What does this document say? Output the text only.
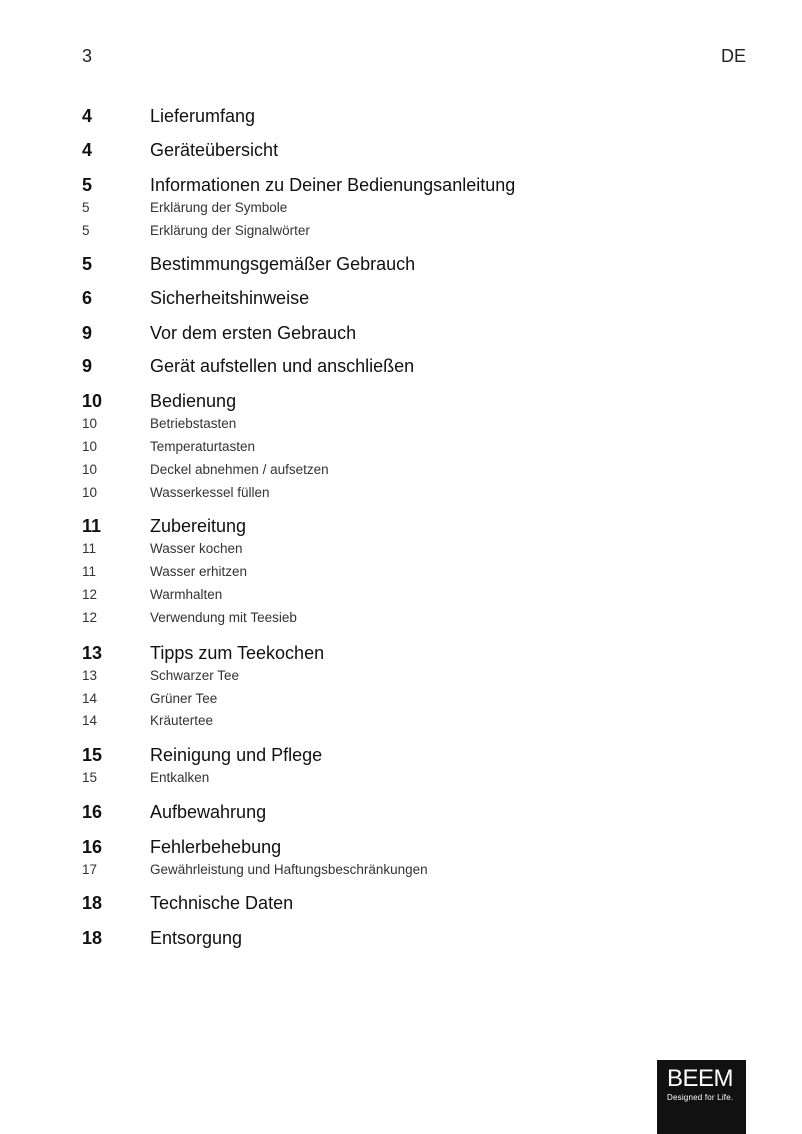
3	DE
4	Lieferumfang
4	Geräteübersicht
5	Informationen zu Deiner Bedienungsanleitung
5	Erklärung der Symbole
5	Erklärung der Signalwörter
5	Bestimmungsgemäßer Gebrauch
6	Sicherheitshinweise
9	Vor dem ersten Gebrauch
9	Gerät aufstellen und anschließen
10	Bedienung
10	Betriebstasten
10	Temperaturtasten
10	Deckel abnehmen / aufsetzen
10	Wasserkessel füllen
11	Zubereitung
11	Wasser kochen
11	Wasser erhitzen
12	Warmhalten
12	Verwendung mit Teesieb
13	Tipps zum Teekochen
13	Schwarzer Tee
14	Grüner Tee
14	Kräutertee
15	Reinigung und Pflege
15	Entkalken
16	Aufbewahrung
16	Fehlerbehebung
17	Gewährleistung und Haftungsbeschränkungen
18	Technische Daten
18	Entsorgung
BEEM
Designed for Life.
